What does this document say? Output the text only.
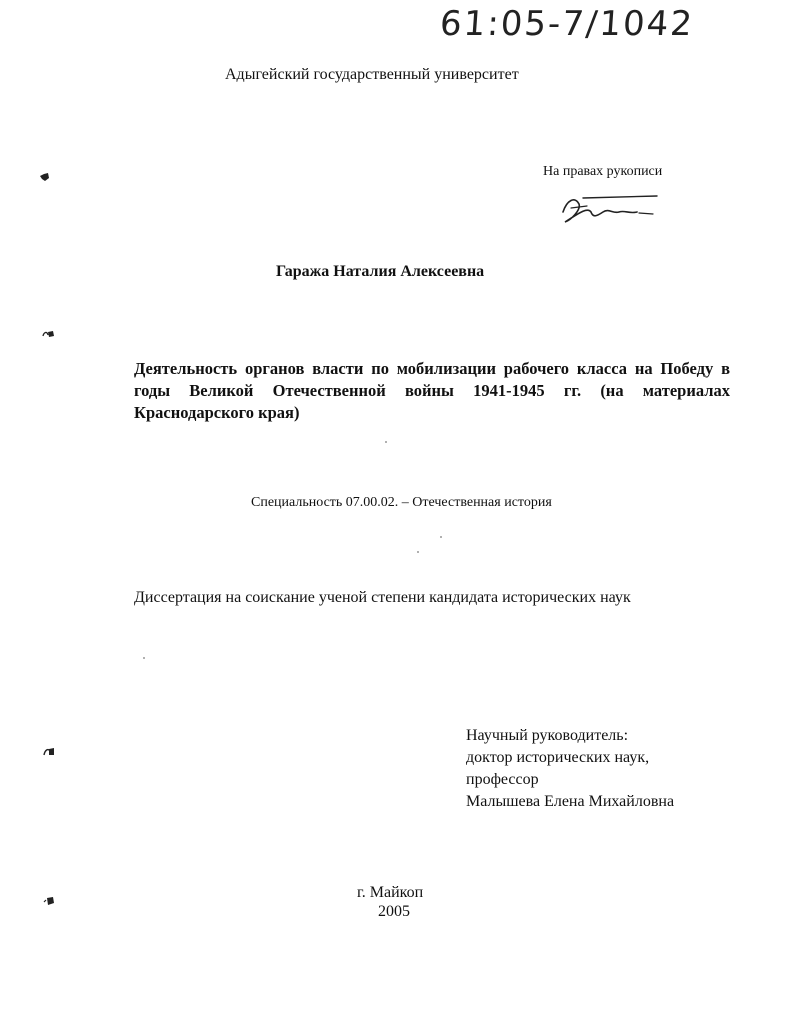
61:05-7/1042
Адыгейский государственный университет
На правах рукописи
Гаража Наталия Алексеевна
Деятельность органов власти по мобилизации рабочего класса на Победу в годы Великой Отечественной войны 1941-1945 гг. (на материалах Краснодарского края)
Специальность 07.00.02. – Отечественная история
Диссертация на соискание ученой степени кандидата исторических наук
Научный руководитель:
доктор исторических наук,
профессор
Малышева Елена Михайловна
г. Майкоп
2005
